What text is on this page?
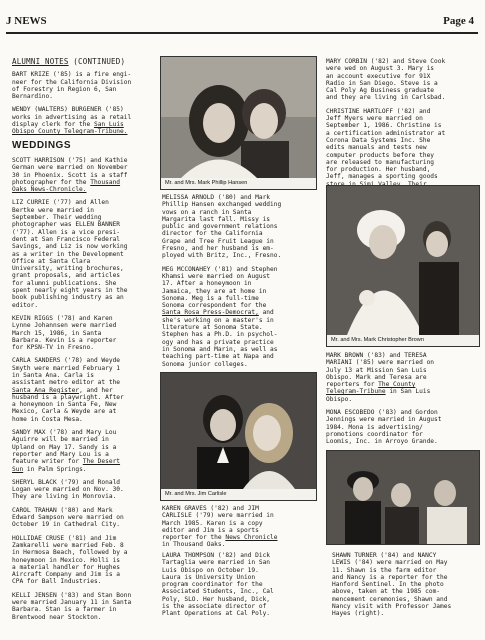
J NEWS	Page 4
ALUMNI NOTES (CONTINUED)

BART KRIZE ('85) is a fire engi-
neer for the California Division
of Forestry in Region 6, San
Bernardino.

WENDY (WALTERS) BURGENER ('85)
works in advertising as a retail
display clerk for the San Luis
Obispo County Telegram-Tribune.

WEDDINGS

SCOTT HARRISON ('75) and Kathie
German were married on November
30 in Phoenix. Scott is a staff
photographer for the Thousand
Oaks News-Chronicle.

LIZ CURRIE ('77) and Allen
Bertke were married in
September. Their wedding
photographer was ELLEN BANNER
('77). Allen is a vice presi-
dent at San Francisco Federal
Savings, and Liz is now working
as a writer in the Development
Office at Santa Clara
University, writing brochures,
grant proposals, and articles
for alumni publications. She
spent nearly eight years in the
book publishing industry as an
editor.

KEVIN RIGGS ('78) and Karen
Lynne Johannsen were married
March 15, 1986, in Santa
Barbara. Kevin is a reporter
for KPSN-TV in Fresno.

CARLA SANDERS ('78) and Weyde
Smyth were married February 1
in Santa Ana. Carla is
assistant metro editor at the
Santa Ana Register, and her
husband is a playwright. After
a honeymoon in Santa Fe, New
Mexico, Carla & Weyde are at
home in Costa Mesa.

SANDY MAX ('78) and Mary Lou
Aguirre will be married in
Upland on May 17. Sandy is a
reporter and Mary Lou is a
feature writer for The Desert
Sun in Palm Springs.

SHERYL BLACK ('79) and Ronald
Logan were married on Nov. 30.
They are living in Monrovia.

CAROL TRAHAN ('80) and Mark
Edward Sampson were married on
October 19 in Cathedral City.

HOLLIDAE CRUSE ('81) and Jim
Zamkarelli were married Feb. 8
in Hermosa Beach, followed by a
honeymoon in Mexico. Holli is
a material handler for Hughes
Aircraft Company and Jim is a
CPA for Ball Industries.

KELLI JENSEN ('83) and Stan Bonn
were married January 11 in Santa
Barbara. Stan is a farmer in
Brentwood near Stockton.

Mr. and Mrs. Mark Phillip Hansen

MELISSA ARNOLD ('80) and Mark
Phillip Hansen exchanged wedding
vows on a ranch in Santa
Margarita last fall. Missy is
public and government relations
director for the California
Grape and Tree Fruit League in
Fresno, and her husband is em-
ployed with Britz, Inc., Fresno.

MEG MCCONAHEY ('81) and Stephen
Khamsi were married on August
17. After a honeymoon in
Jamaica, they are at home in
Sonoma. Meg is a full-time
Sonoma correspondent for the
Santa Rosa Press-Democrat, and
she's working on a master's in
literature at Sonoma State.
Stephen has a Ph.D. in psychol-
ogy and has a private practice
in Sonoma and Marin, as well as
teaching part-time at Napa and
Sonoma junior colleges.

Mr. and Mrs. Jim Carlisle

KAREN GRAVES ('82) and JIM
CARLISLE ('79) were married in
March 1985. Karen is a copy
editor and Jim is a sports
reporter for the News Chronicle
in Thousand Oaks.

LAURA THOMPSON ('82) and Dick
Tartaglia were married in San
Luis Obispo on October 19.
Laura is University Union
program coordinator for the
Associated Students, Inc., Cal
Poly, SLO. Her husband, Dick,
is the associate director of
Plant Operations at Cal Poly.

MARY CORBIN ('82) and Steve Cook
were wed on August 3. Mary is
an account executive for 91X
Radio in San Diego. Steve is a
Cal Poly Ag Business graduate
and they are living in Carlsbad.

CHRISTINE HARTLOFF ('82) and
Jeff Myers were married on
September 1, 1986. Christine is
a certification administrator at
Corona Data Systems Inc. She
edits manuals and tests new
computer products before they
are released to manufacturing
for production. Her husband,
Jeff, manages a sporting goods

Mr. and Mrs. Mark Christopher Brown

MARK BROWN ('83) and TERESA
MARIANI ('85) were married on
July 13 at Mission San Luis
Obispo. Mark and Teresa are
reporters for The County
Telegram-Tribune in San Luis
Obispo.

MONA ESCOBEDO ('83) and Gordon
Jennings were married in August
1984. Mona is advertising/
promotions coordinator for
Loomis, Inc. in Arroyo Grande.

SHAWN TURNER ('84) and NANCY
LEWIS ('84) were married on May
11. Shawn is the farm editor
and Nancy is a reporter for the
Hanford Sentinel. In the photo
above, taken at the 1985 com-
mencement ceremonies, Shawn and
Nancy visit with Professor James
Hayes (right).
